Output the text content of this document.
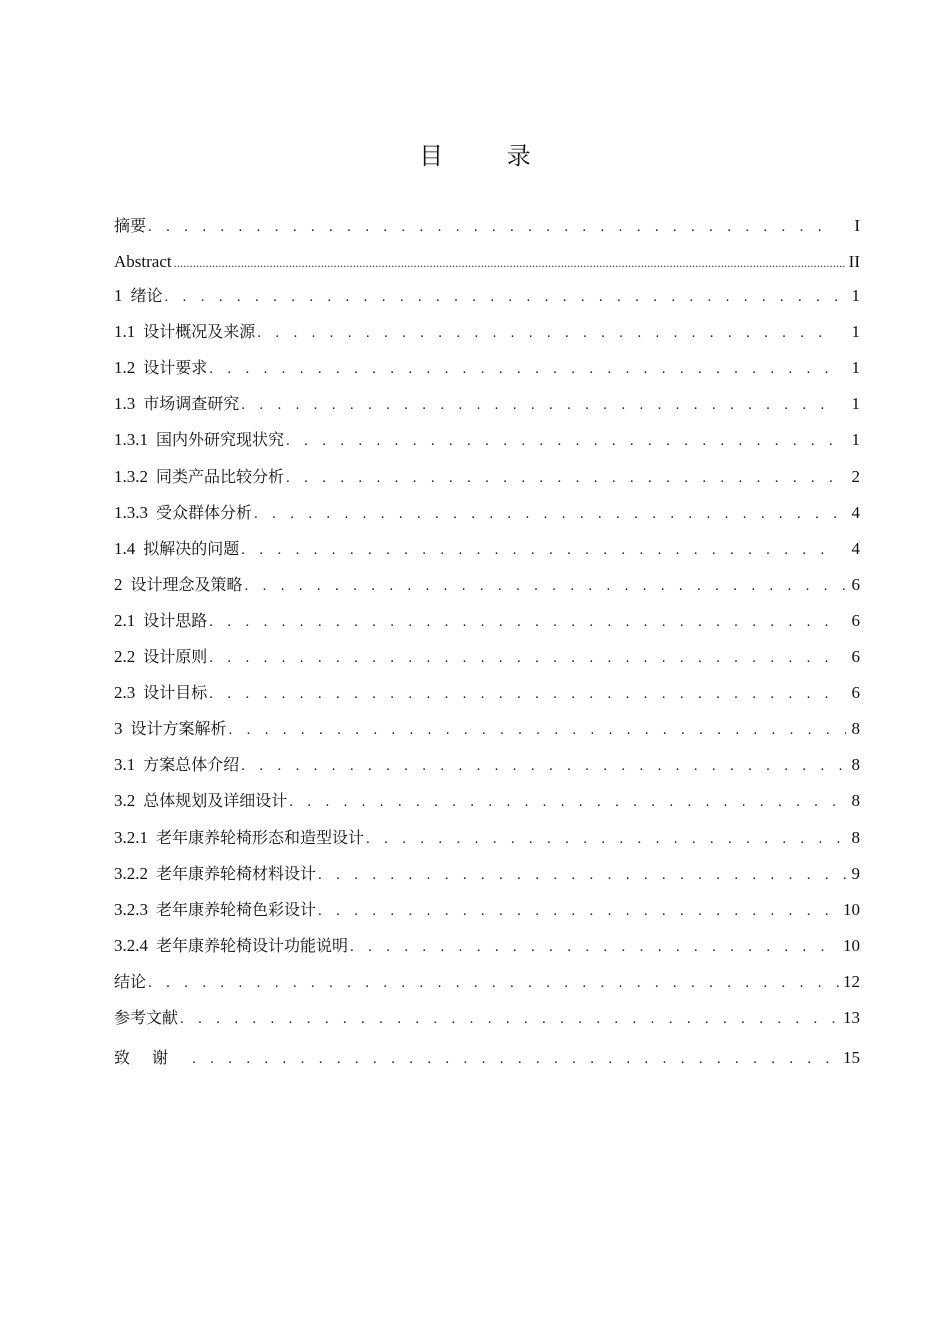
目 录
摘要 . . .	I
Abstract .....	II
1 绪论 . . .	1
1.1 设计概况及来源 . . .	1
1.2 设计要求 . . .	1
1.3 市场调查研究 . . .	1
1.3.1 国内外研究现状究 . . .	1
1.3.2 同类产品比较分析 . . .	2
1.3.3 受众群体分析 . . .	4
1.4 拟解决的问题 . . .	4
2 设计理念及策略 . . .	6
2.1 设计思路 . . .	6
2.2 设计原则 . . .	6
2.3 设计目标 . . .	6
3 设计方案解析 . . .	8
3.1 方案总体介绍 . . .	8
3.2 总体规划及详细设计 . . .	8
3.2.1 老年康养轮椅形态和造型设计 . . .	8
3.2.2 老年康养轮椅材料设计 . . .	9
3.2.3 老年康养轮椅色彩设计 . . .	10
3.2.4 老年康养轮椅设计功能说明 . . .	10
结论 . . .	12
参考文献 . . .	13
致谢 . . .	15
